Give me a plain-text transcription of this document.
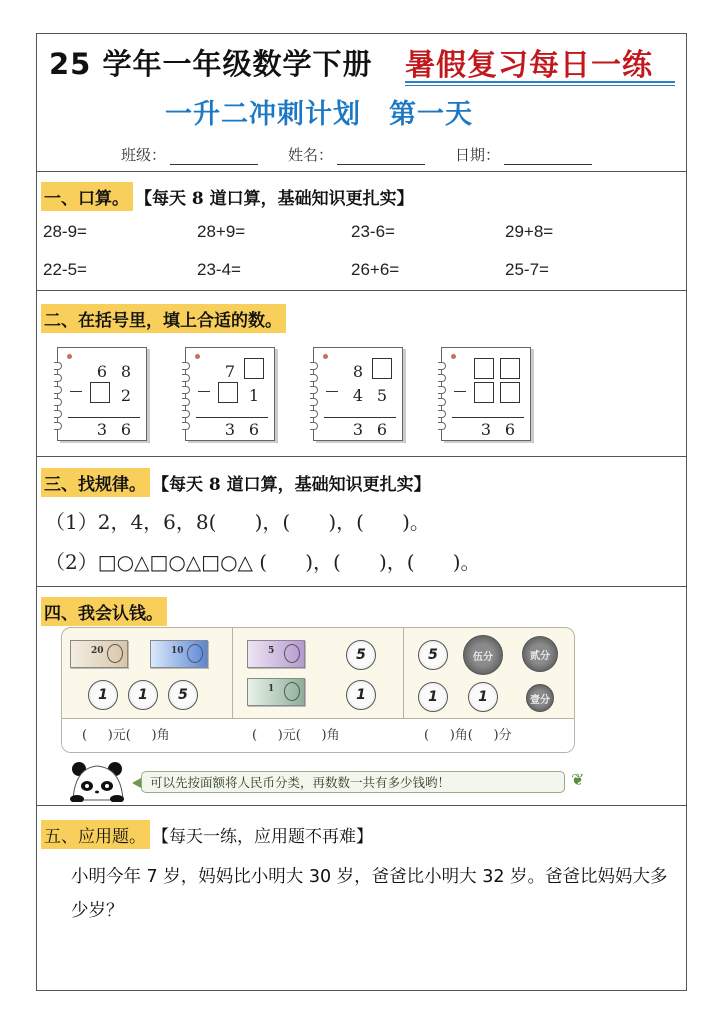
25 学年一年级数学下册 暑假复习每日一练
一升二冲刺计划 第一天
班级：	姓名：	日期：
一、口算。 【每天 8 道口算，基础知识更扎实】
28-9=	28+9=	23-6=	29+8=
22-5=	23-4=	26+6=	25-7=
二、在括号里，填上合适的数。
6 8
2
3 6
7
1
3 6
8
4 5
3 6	3 6
三、找规律。 【每天 8 道口算，基础知识更扎实】
（1）2，4，6，8(      )，(      )，(      )。
（2）□○△□○△□○△ (      )，(      )，(      )。
四、我会认钱。
20	10
1	1	5
(     )元(     )角
5
1
5
1
(     )元(     )角
5	伍分	贰分
1	1	壹分
(     )角(     )分
可以先按面额将人民币分类，再数数一共有多少钱哟！	❦
五、应用题。 【每天一练，应用题不再难】
小明今年 7 岁，妈妈比小明大 30 岁，爸爸比小明大 32 岁。爸爸比妈妈大多少岁？
